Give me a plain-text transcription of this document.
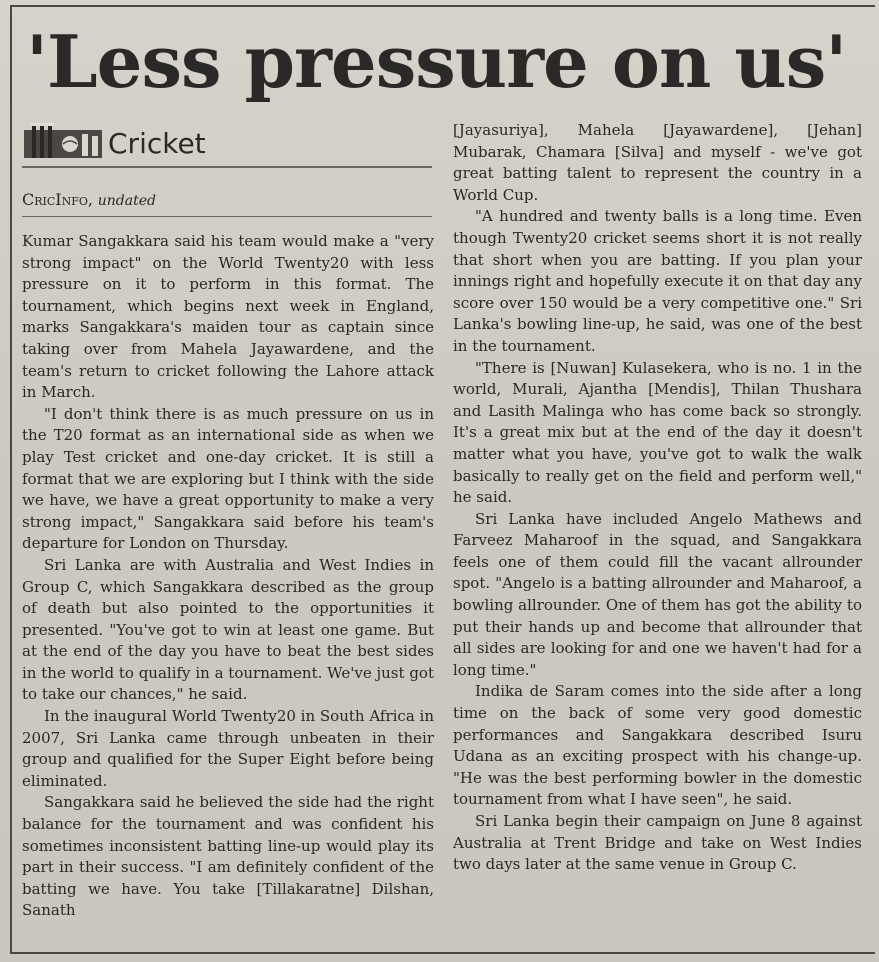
'Less pressure on us'
Cricket
CricInfo, undated

Kumar Sangakkara said his team would make a "very strong impact" on the World Twenty20 with less pressure on it to perform in this format. The tournament, which begins next week in England, marks Sangakkara's maiden tour as captain since taking over from Mahela Jayawardene, and the team's return to cricket following the Lahore attack in March.

"I don't think there is as much pressure on us in the T20 format as an international side as when we play Test cricket and one-day cricket. It is still a format that we are exploring but I think with the side we have, we have a great opportunity to make a very strong impact," Sangakkara said before his team's departure for London on Thursday.

Sri Lanka are with Australia and West Indies in Group C, which Sangakkara described as the group of death but also pointed to the opportunities it presented. "You've got to win at least one game. But at the end of the day you have to beat the best sides in the world to qualify in a tournament. We've just got to take our chances," he said.

In the inaugural World Twenty20 in South Africa in 2007, Sri Lanka came through unbeaten in their group and qualified for the Super Eight before being eliminated.

Sangakkara said he believed the side had the right balance for the tournament and was confident his sometimes inconsistent batting line-up would play its part in their success. "I am definitely confident of the batting we have. You take [Tillakaratne] Dilshan, Sanath

[Jayasuriya], Mahela [Jayawardene], [Jehan] Mubarak, Chamara [Silva] and myself - we've got great batting talent to represent the country in a World Cup.

"A hundred and twenty balls is a long time. Even though Twenty20 cricket seems short it is not really that short when you are batting. If you plan your innings right and hopefully execute it on that day any score over 150 would be a very competitive one." Sri Lanka's bowling line-up, he said, was one of the best in the tournament.

"There is [Nuwan] Kulasekera, who is no. 1 in the world, Murali, Ajantha [Mendis], Thilan Thushara and Lasith Malinga who has come back so strongly. It's a great mix but at the end of the day it doesn't matter what you have, you've got to walk the walk basically to really get on the field and perform well," he said.

Sri Lanka have included Angelo Mathews and Farveez Maharoof in the squad, and Sangakkara feels one of them could fill the vacant allrounder spot. "Angelo is a batting allrounder and Maharoof, a bowling allrounder. One of them has got the ability to put their hands up and become that allrounder that all sides are looking for and one we haven't had for a long time."

Indika de Saram comes into the side after a long time on the back of some very good domestic performances and Sangakkara described Isuru Udana as an exciting prospect with his change-up. "He was the best performing bowler in the domestic tournament from what I have seen", he said.

Sri Lanka begin their campaign on June 8 against Australia at Trent Bridge and take on West Indies two days later at the same venue in Group C.
